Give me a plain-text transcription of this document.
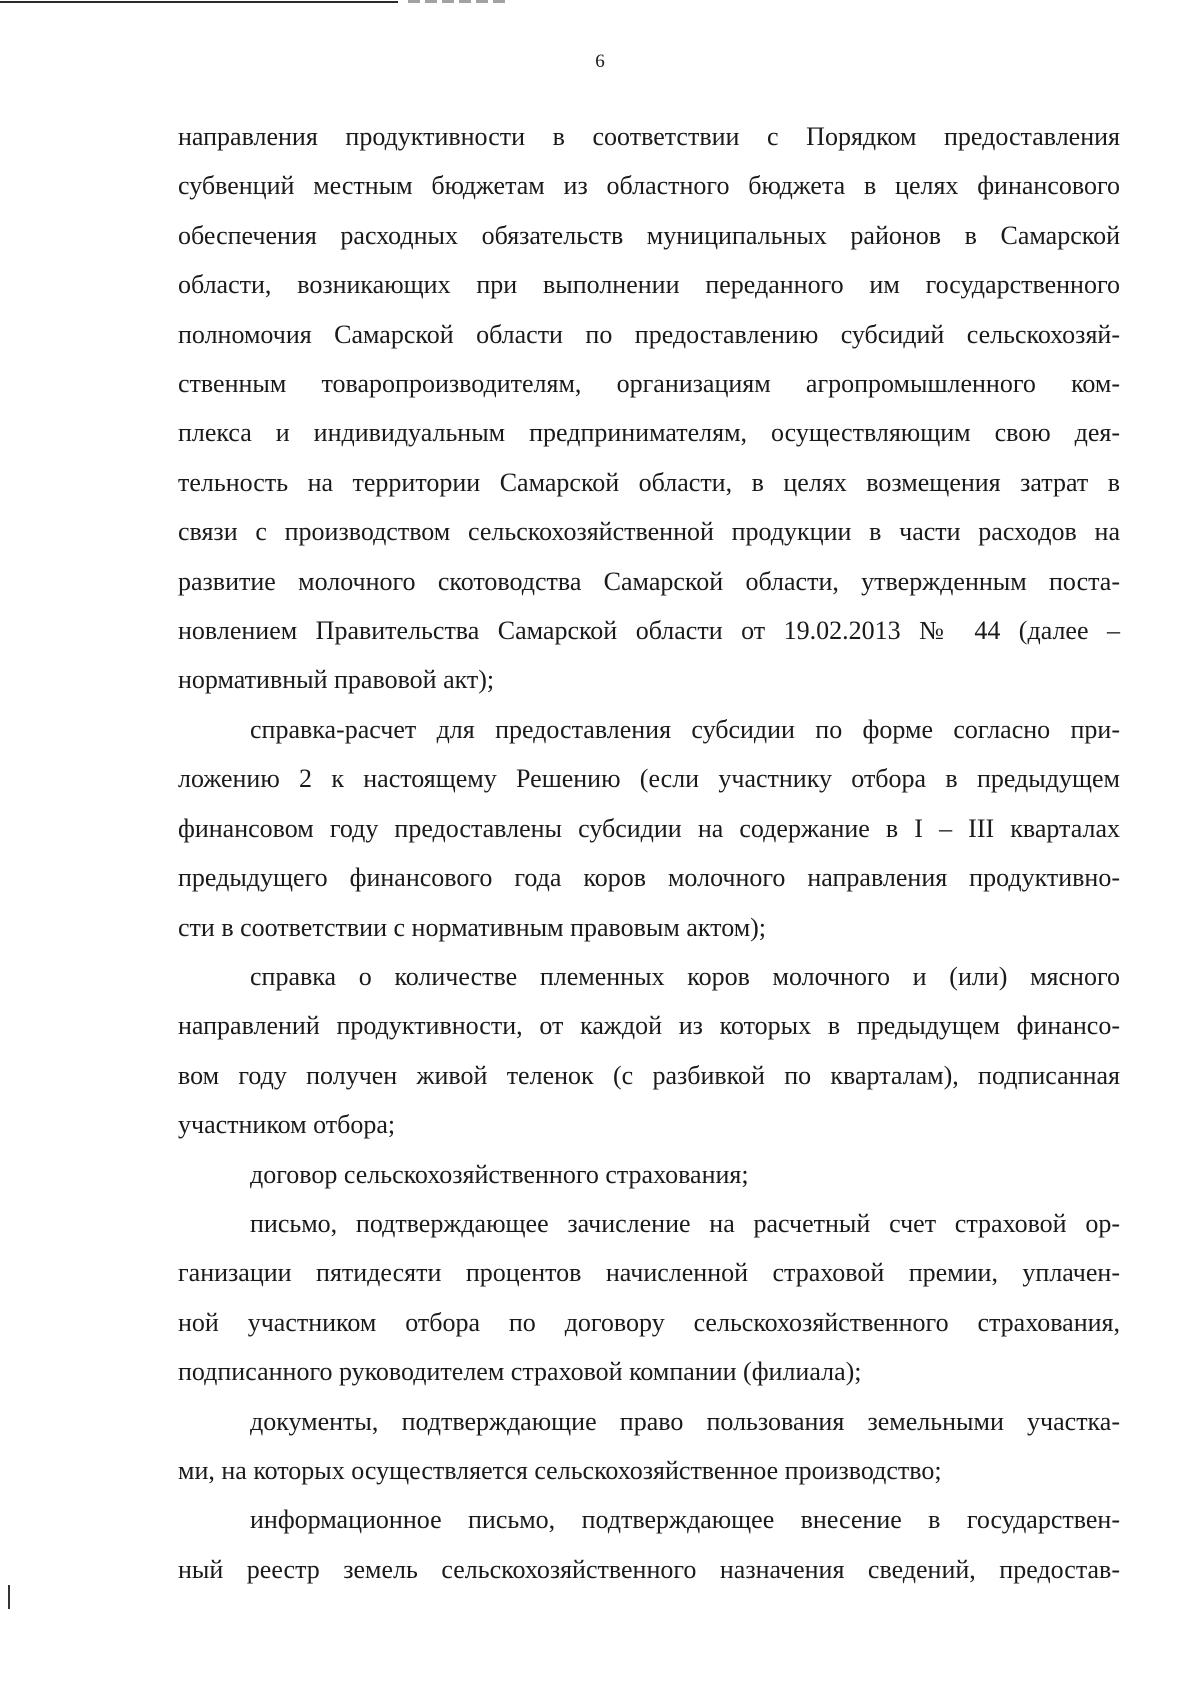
6
направления продуктивности в соответствии с Порядком предоставления
субвенций местным бюджетам из областного бюджета в целях финансового
обеспечения расходных обязательств муниципальных районов в Самарской
области, возникающих при выполнении переданного им государственного
полномочия Самарской области по предоставлению субсидий сельскохозяй-
ственным товаропроизводителям, организациям агропромышленного ком-
плекса и индивидуальным предпринимателям, осуществляющим свою дея-
тельность на территории Самарской области, в целях возмещения затрат в
связи с производством сельскохозяйственной продукции в части расходов на
развитие молочного скотоводства Самарской области, утвержденным поста-
новлением Правительства Самарской области от 19.02.2013 № 44 (далее –
нормативный правовой акт);
справка-расчет для предоставления субсидии по форме согласно при-
ложению 2 к настоящему Решению (если участнику отбора в предыдущем
финансовом году предоставлены субсидии на содержание в I – III кварталах
предыдущего финансового года коров молочного направления продуктивно-
сти в соответствии с нормативным правовым актом);
справка о количестве племенных коров молочного и (или) мясного
направлений продуктивности, от каждой из которых в предыдущем финансо-
вом году получен живой теленок (с разбивкой по кварталам), подписанная
участником отбора;
договор сельскохозяйственного страхования;
письмо, подтверждающее зачисление на расчетный счет страховой ор-
ганизации пятидесяти процентов начисленной страховой премии, уплачен-
ной участником отбора по договору сельскохозяйственного страхования,
подписанного руководителем страховой компании (филиала);
документы, подтверждающие право пользования земельными участка-
ми, на которых осуществляется сельскохозяйственное производство;
информационное письмо, подтверждающее внесение в государствен-
ный реестр земель сельскохозяйственного назначения сведений, предостав-
